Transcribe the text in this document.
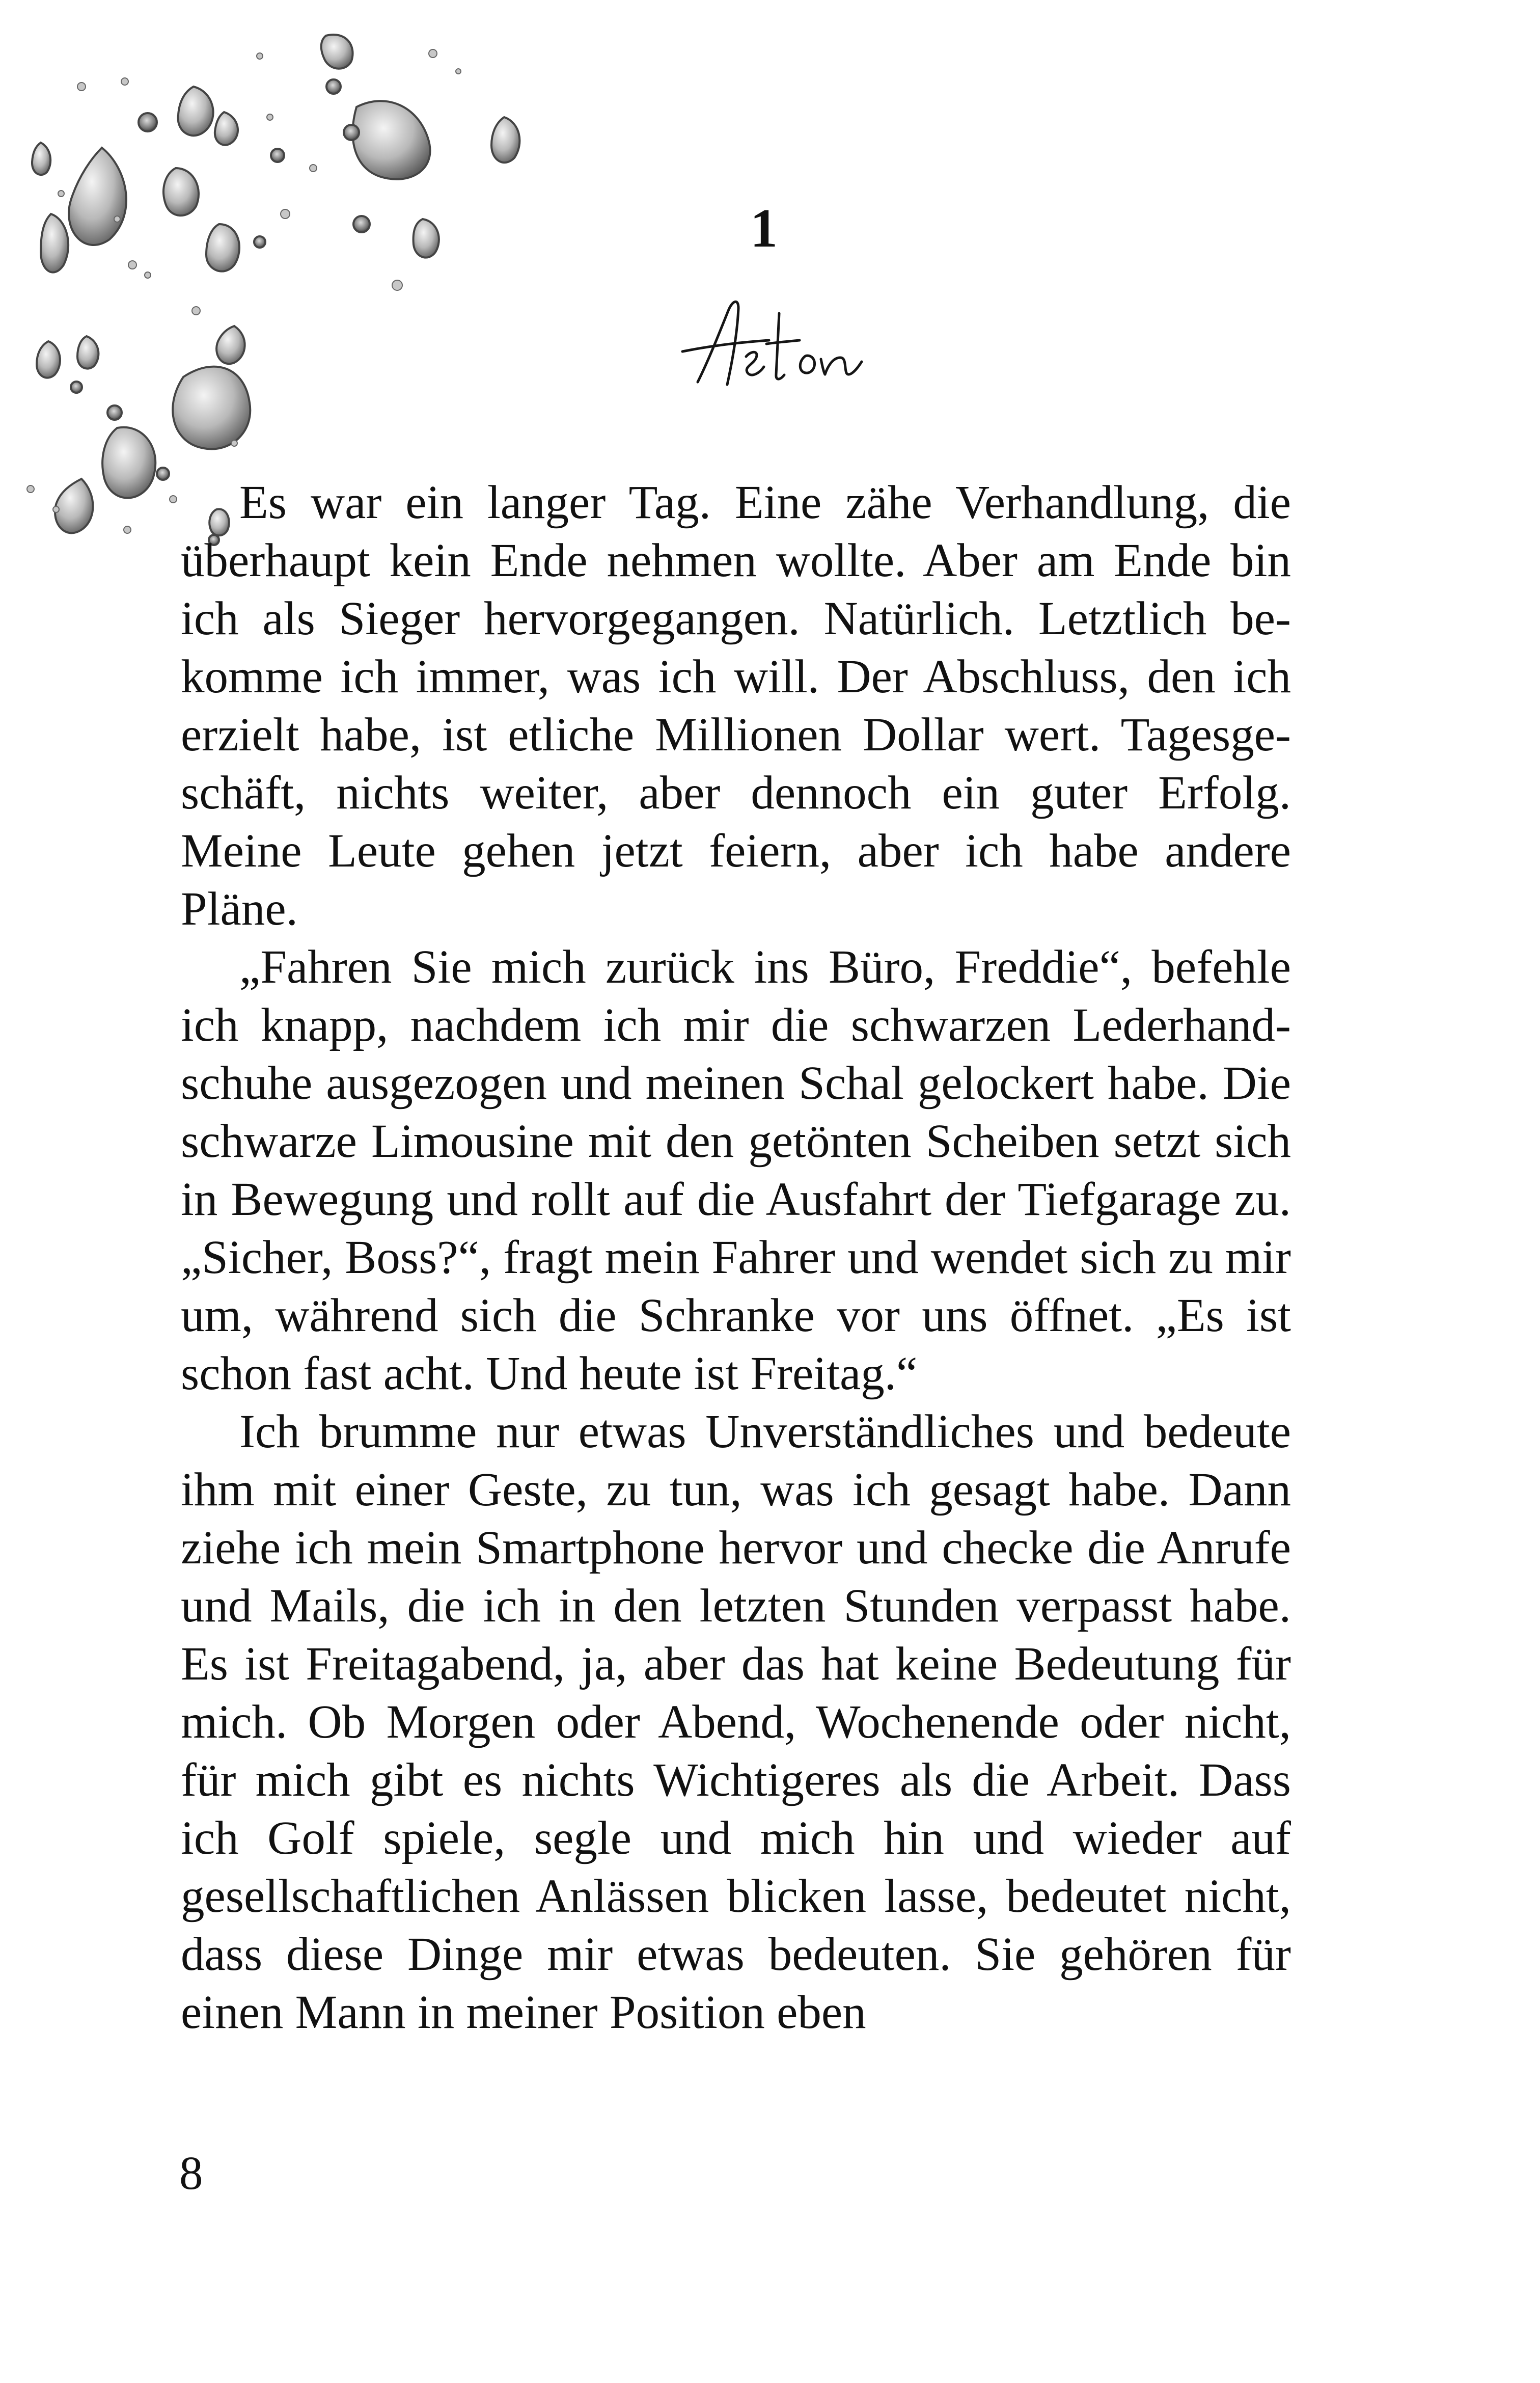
1

Es war ein langer Tag. Eine zähe Verhandlung, die überhaupt kein Ende nehmen wollte. Aber am Ende bin ich als Sieger hervorgegangen. Natürlich. Letztlich bekomme ich immer, was ich will. Der Abschluss, den ich erzielt habe, ist etliche Millionen Dollar wert. Tagesgeschäft, nichts weiter, aber dennoch ein guter Erfolg. Meine Leute gehen jetzt feiern, aber ich habe andere Pläne.

„Fahren Sie mich zurück ins Büro, Freddie“, befehle ich knapp, nachdem ich mir die schwarzen Lederhandschuhe ausgezogen und meinen Schal gelockert habe. Die schwarze Limousine mit den getönten Scheiben setzt sich in Bewegung und rollt auf die Ausfahrt der Tiefgarage zu. „Sicher, Boss?“, fragt mein Fahrer und wendet sich zu mir um, während sich die Schranke vor uns öffnet. „Es ist schon fast acht. Und heute ist Freitag.“

Ich brumme nur etwas Unverständliches und bedeute ihm mit einer Geste, zu tun, was ich gesagt habe. Dann ziehe ich mein Smartphone hervor und checke die Anrufe und Mails, die ich in den letzten Stunden verpasst habe. Es ist Freitagabend, ja, aber das hat keine Bedeutung für mich. Ob Morgen oder Abend, Wochenende oder nicht, für mich gibt es nichts Wichtigeres als die Arbeit. Dass ich Golf spiele, segle und mich hin und wieder auf gesellschaftlichen Anlässen blicken lasse, bedeutet nicht, dass diese Dinge mir etwas bedeuten. Sie gehören für einen Mann in meiner Position eben

8
